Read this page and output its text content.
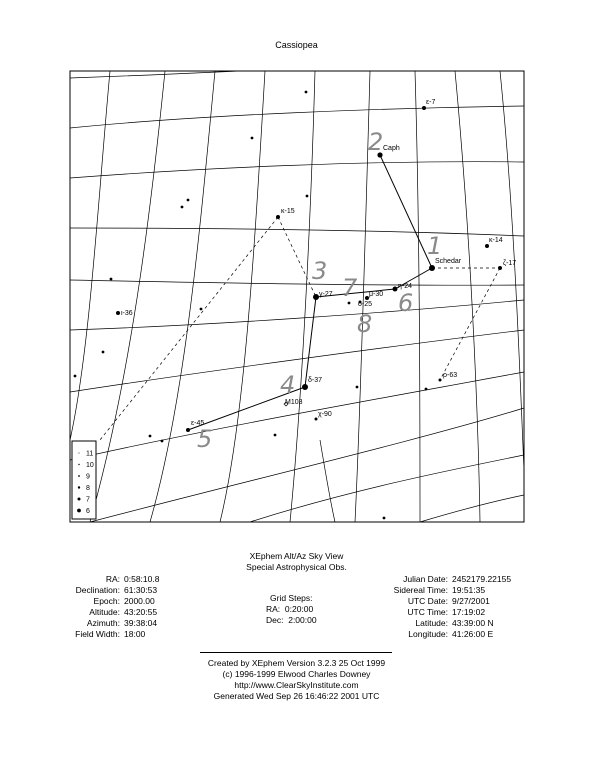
Cassiopea
Caph
Schedar
ε-7
κ-14
ζ-17
κ-15
γ-27
η-24
μ-30
ο-25
ι-36
δ-37
M103
χ-90
ε-45
ρ-63
1
2
3
4
5
6
7
8
11
10
9
8
7
6
XEphem Alt/Az Sky View
Special Astrophysical Obs.
RA: 0:58:10.8
Declination: 61:30:53
Epoch: 2000.00
Altitude: 43:20:55
Azimuth: 39:38:04
Field Width: 18:00
Grid Steps:
RA: 0:20:00
Dec: 2:00:00
Julian Date: 2452179.22155
Sidereal Time: 19:51:35
UTC Date: 9/27/2001
UTC Time: 17:19:02
Latitude: 43:39:00 N
Longitude: 41:26:00 E
Created by XEphem Version 3.2.3 25 Oct 1999
(c) 1996-1999 Elwood Charles Downey
http://www.ClearSkyInstitute.com
Generated Wed Sep 26 16:46:22 2001 UTC
